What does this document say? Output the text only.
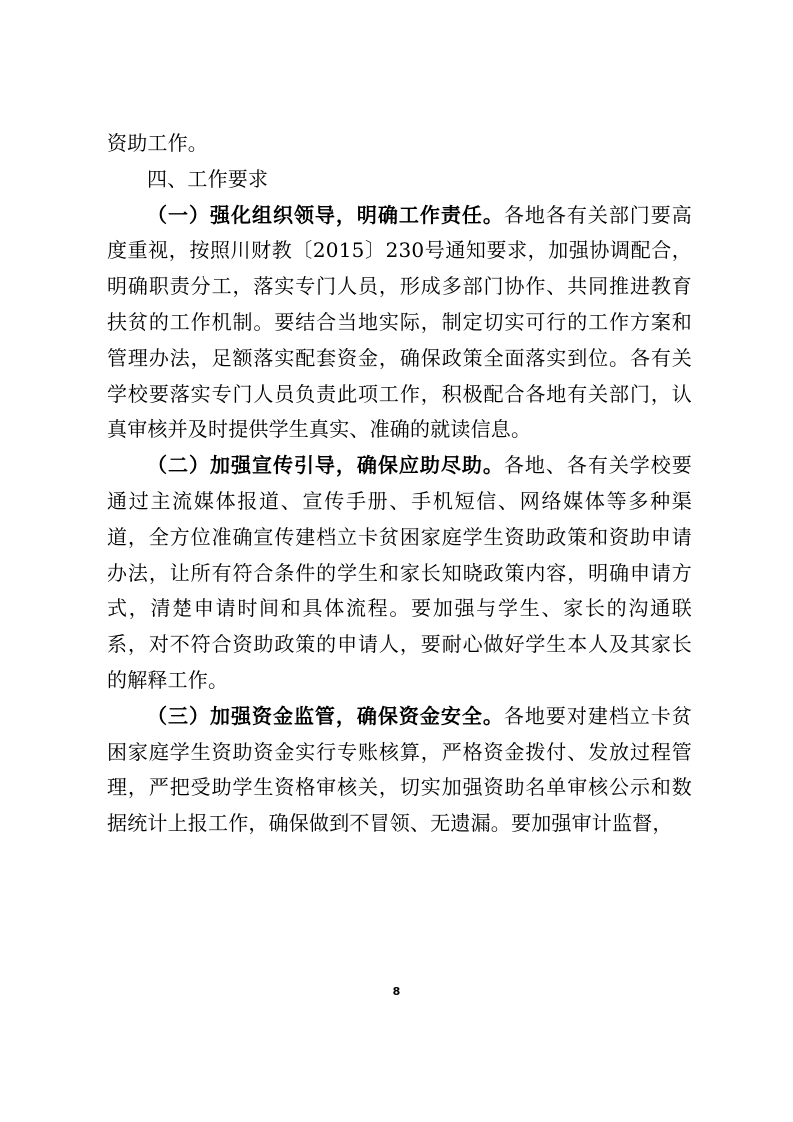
资助工作。

四、工作要求

（一）强化组织领导，明确工作责任。各地各有关部门要高度重视，按照川财教〔2015〕230号通知要求，加强协调配合，明确职责分工，落实专门人员，形成多部门协作、共同推进教育扶贫的工作机制。要结合当地实际，制定切实可行的工作方案和管理办法，足额落实配套资金，确保政策全面落实到位。各有关学校要落实专门人员负责此项工作，积极配合各地有关部门，认真审核并及时提供学生真实、准确的就读信息。

（二）加强宣传引导，确保应助尽助。各地、各有关学校要通过主流媒体报道、宣传手册、手机短信、网络媒体等多种渠道，全方位准确宣传建档立卡贫困家庭学生资助政策和资助申请办法，让所有符合条件的学生和家长知晓政策内容，明确申请方式，清楚申请时间和具体流程。要加强与学生、家长的沟通联系，对不符合资助政策的申请人，要耐心做好学生本人及其家长的解释工作。

（三）加强资金监管，确保资金安全。各地要对建档立卡贫困家庭学生资助资金实行专账核算，严格资金拨付、发放过程管理，严把受助学生资格审核关，切实加强资助名单审核公示和数据统计上报工作，确保做到不冒领、无遗漏。要加强审计监督，

8
